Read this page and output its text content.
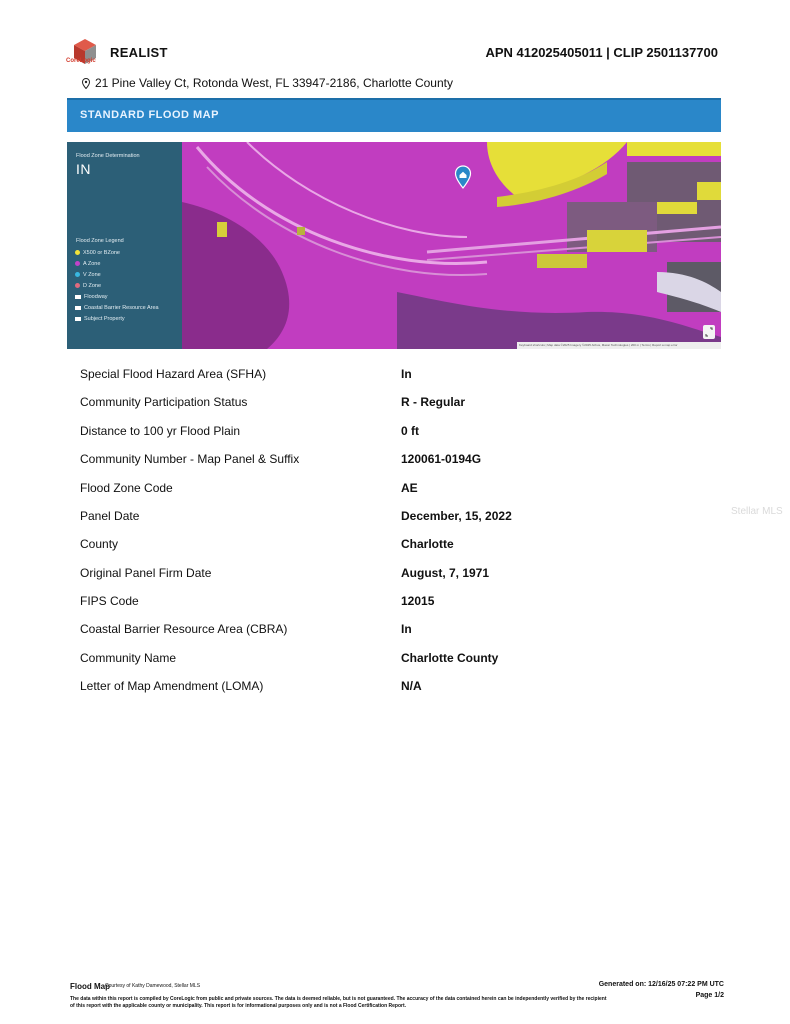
CoreLogic
REALIST	APN 412025405011 | CLIP 2501137700
21 Pine Valley Ct, Rotonda West, FL 33947-2186, Charlotte County
STANDARD FLOOD MAP
Flood Zone Determination
IN
Flood Zone Legend
X500 or BZone
A Zone
V Zone
D Zone
Floodway
Coastal Barrier Resource Area
Subject Property
Keyboard shortcuts | Map data ©2025 Imagery ©2025 Airbus, Maxar Technologies | 200 m | Terms | Report a map error
Special Flood Hazard Area (SFHA)	In
Community Participation Status	R - Regular
Distance to 100 yr Flood Plain	0 ft
Community Number - Map Panel & Suffix	120061-0194G
Flood Zone Code	AE
Panel Date	December, 15, 2022
County	Charlotte
Original Panel Firm Date	August, 7, 1971
FIPS Code	12015
Coastal Barrier Resource Area (CBRA)	In
Community Name	Charlotte County
Letter of Map Amendment (LOMA)	N/A
Stellar MLS
Flood Map
Courtesy of Kathy Damewood, Stellar MLS	Generated on: 12/16/25 07:22 PM UTC
Page 1/2
The data within this report is compiled by CoreLogic from public and private sources. The data is deemed reliable, but is not guaranteed. The accuracy of the data contained herein can be independently verified by the recipient of this report with the applicable county or municipality. This report is for informational purposes only and is not a Flood Certification Report.
